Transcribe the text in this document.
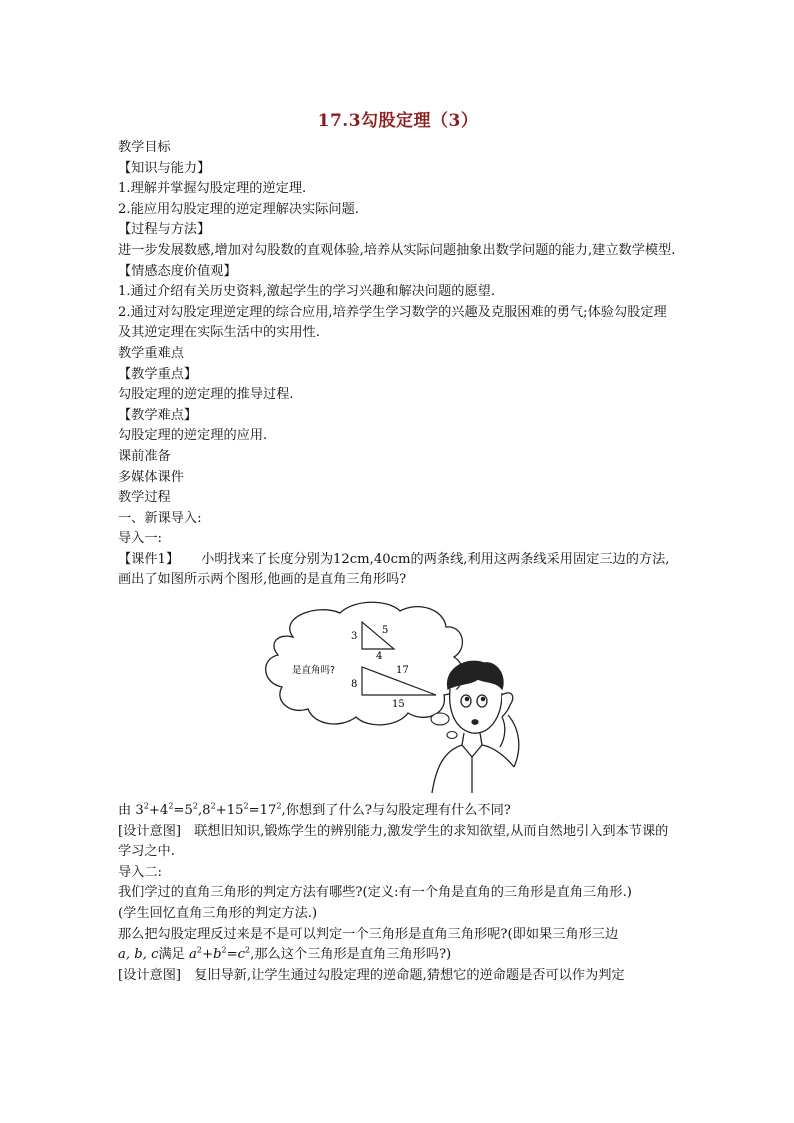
17.3勾股定理（3）
教学目标
【知识与能力】
1.理解并掌握勾股定理的逆定理.
2.能应用勾股定理的逆定理解决实际问题.
【过程与方法】
进一步发展数感,增加对勾股数的直观体验,培养从实际问题抽象出数学问题的能力,建立数学模型.
【情感态度价值观】
1.通过介绍有关历史资料,激起学生的学习兴趣和解决问题的愿望.
2.通过对勾股定理逆定理的综合应用,培养学生学习数学的兴趣及克服困难的勇气;体验勾股定理及其逆定理在实际生活中的实用性.
教学重难点
【教学重点】
勾股定理的逆定理的推导过程.
【教学难点】
勾股定理的逆定理的应用.
课前准备
多媒体课件
教学过程
一、新课导入:
导入一:
【课件1】 小明找来了长度分别为12cm,40cm的两条线,利用这两条线采用固定三边的方法,画出了如图所示两个图形,他画的是直角三角形吗?
3
4
5
8
15
17
是直角吗?
由 $3^2+4^2=5^2,8^2+15^2=17^2$,你想到了什么?与勾股定理有什么不同?
[设计意图]　联想旧知识,锻炼学生的辨别能力,激发学生的求知欲望,从而自然地引入到本节课的学习之中.
导入二:
我们学过的直角三角形的判定方法有哪些?(定义:有一个角是直角的三角形是直角三角形.)
(学生回忆直角三角形的判定方法.)
那么把勾股定理反过来是不是可以判定一个三角形是直角三角形呢?(即如果三角形三边
a, b, c满足 $a^2+b^2=c^2$,那么这个三角形是直角三角形吗?)
[设计意图]　复旧导新,让学生通过勾股定理的逆命题,猜想它的逆命题是否可以作为判定
